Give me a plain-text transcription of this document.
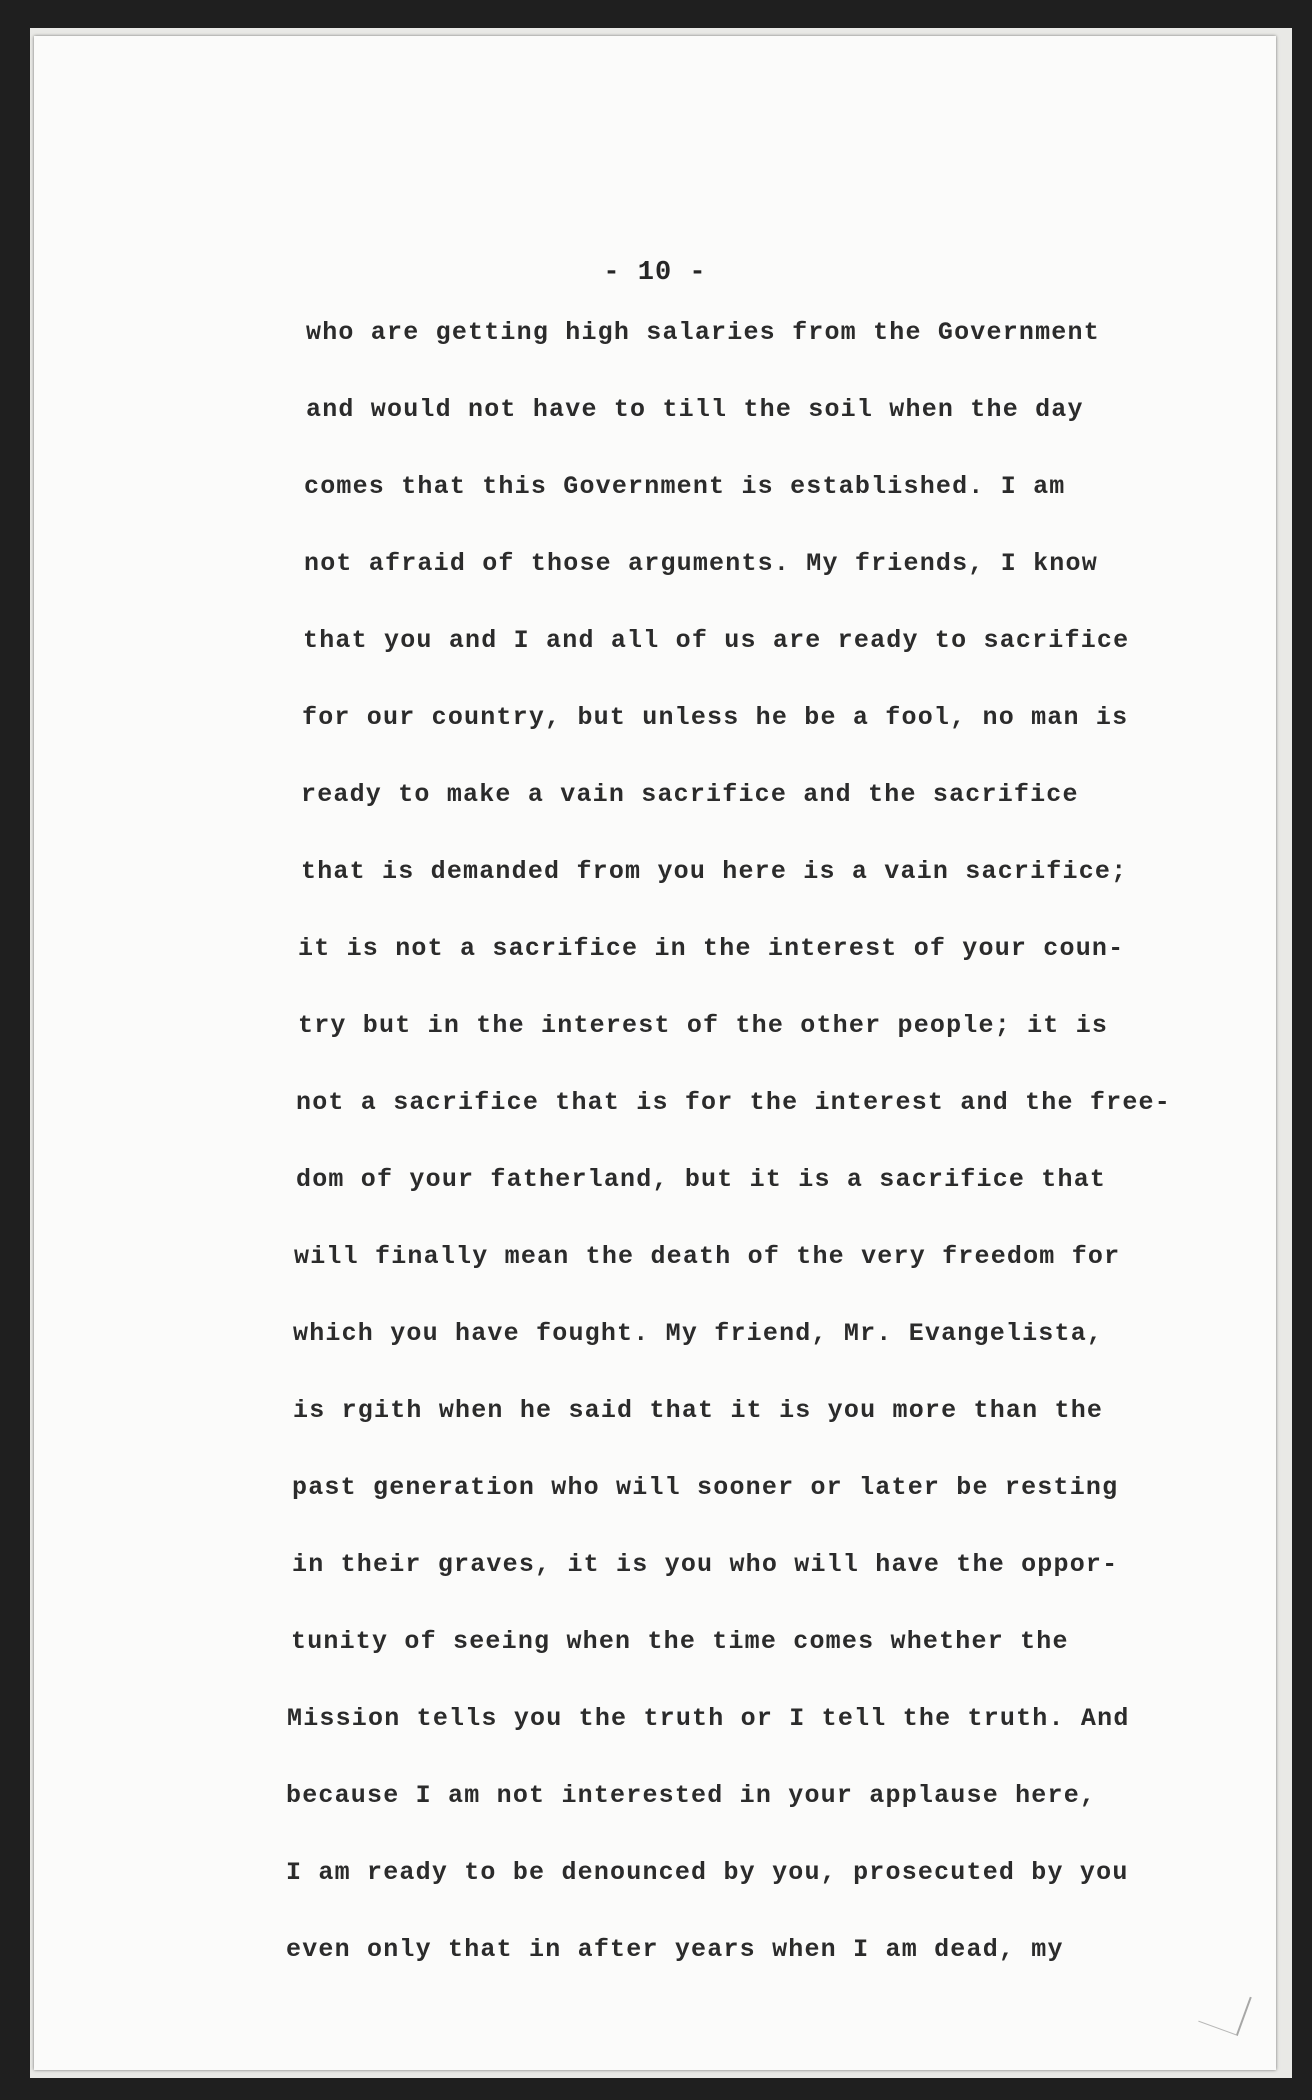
- 10 -
who are getting high salaries from the Government
and would not have to till the soil when the day
comes that this Government is established. I am
not afraid of those arguments. My friends, I know
that you and I and all of us are ready to sacrifice
for our country, but unless he be a fool, no man is
ready to make a vain sacrifice and the sacrifice
that is demanded from you here is a vain sacrifice;
it is not a sacrifice in the interest of your coun-
try but in the interest of the other people; it is
not a sacrifice that is for the interest and the free-
dom of your fatherland, but it is a sacrifice that
will finally mean the death of the very freedom for
which you have fought. My friend, Mr. Evangelista,
is rgith when he said that it is you more than the
past generation who will sooner or later be resting
in their graves, it is you who will have the oppor-
tunity of seeing when the time comes whether the
Mission tells you the truth or I tell the truth. And
because I am not interested in your applause here,
I am ready to be denounced by you, prosecuted by you
even only that in after years when I am dead, my
